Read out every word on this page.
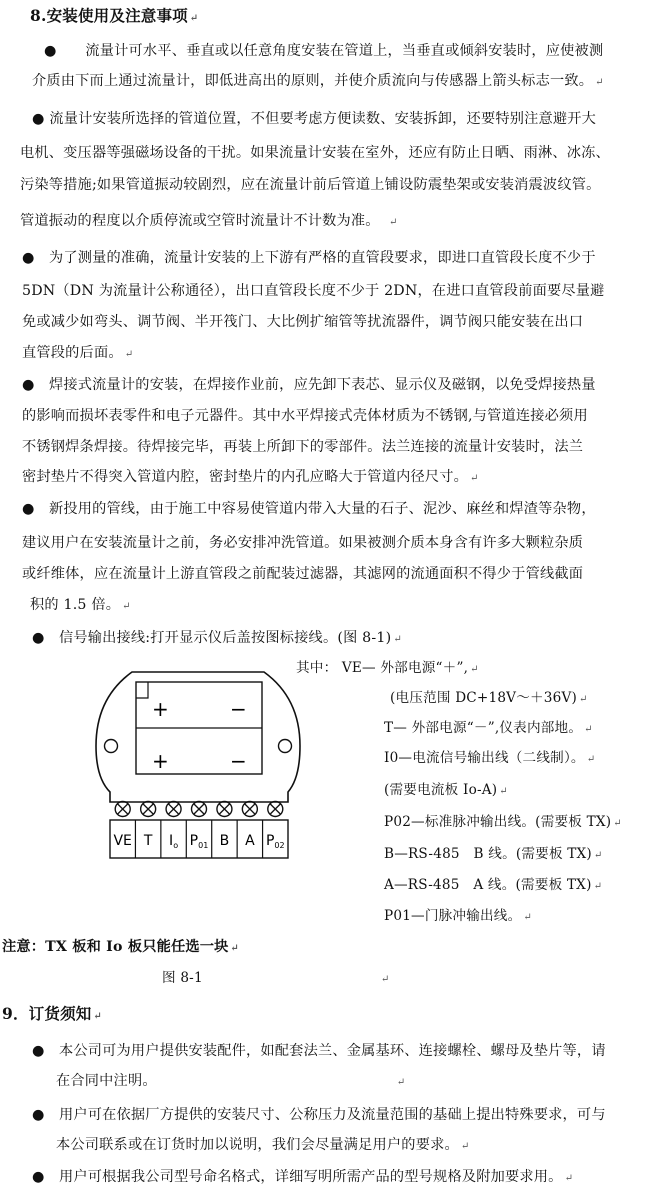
8.安装使用及注意事项 ↵
●　　 流量计可水平、垂直或以任意角度安装在管道上，当垂直或倾斜安装时，应使被测
介质由下而上通过流量计，即低进高出的原则，并使介质流向与传感器上箭头标志一致。 ↵
● 流量计安装所选择的管道位置，不但要考虑方便读数、安装拆卸，还要特别注意避开大
电机、变压器等强磁场设备的干扰。如果流量计安装在室外，还应有防止日晒、雨淋、冰冻、
污染等措施;如果管道振动较剧烈，应在流量计前后管道上铺设防震垫架或安装消震波纹管。
管道振动的程度以介质停流或空管时流量计不计数为准。　 ↵
●　 为了测量的准确，流量计安装的上下游有严格的直管段要求，即进口直管段长度不少于
5DN（DN 为流量计公称通径），出口直管段长度不少于 2DN，在进口直管段前面要尽量避
免或减少如弯头、调节阀、半开筏门、大比例扩缩管等扰流器件，调节阀只能安装在出口
直管段的后面。 ↵
●　 焊接式流量计的安装，在焊接作业前，应先卸下表芯、显示仪及磁钢，以免受焊接热量
的影响而损坏表零件和电子元器件。其中水平焊接式壳体材质为不锈钢,与管道连接必须用
不锈钢焊条焊接。待焊接完毕，再装上所卸下的零部件。法兰连接的流量计安装时，法兰
密封垫片不得突入管道内腔，密封垫片的内孔应略大于管道内径尺寸。 ↵
●　 新投用的管线，由于施工中容易使管道内带入大量的石子、泥沙、麻丝和焊渣等杂物，
建议用户在安装流量计之前，务必安排冲洗管道。如果被测介质本身含有许多大颗粒杂质
或纤维体，应在流量计上游直管段之前配装过滤器，其滤网的流通面积不得少于管线截面
积的 1.5 倍。 ↵
●　 信号输出接线:打开显示仪后盖按图标接线。(图 8-1) ↵
VE T $I_o$ $P_{01}$ B A $P_{02}$
+	−
+	−
其中： VE— 外部电源“＋”, ↵
(电压范围 DC+18V～＋36V) ↵
T— 外部电源“－”,仪表内部地。 ↵
I0—电流信号输出线（二线制）。 ↵
(需要电流板 Io-A) ↵
P02—标准脉冲输出线。(需要板 TX) ↵
B—RS-485　B 线。(需要板 TX) ↵
A—RS-485　A 线。(需要板 TX) ↵
P01—门脉冲输出线。 ↵
注意：TX 板和 Io 板只能任选一块 ↵
图 8-1	↵
9．订货须知 ↵
●　 本公司可为用户提供安装配件，如配套法兰、金属基环、连接螺栓、螺母及垫片等，请
在合同中注明。	↵
●　 用户可在依据厂方提供的安装尺寸、公称压力及流量范围的基础上提出特殊要求，可与
本公司联系或在订货时加以说明，我们会尽量满足用户的要求。 ↵
●　 用户可根据我公司型号命名格式，详细写明所需产品的型号规格及附加要求用。 ↵
